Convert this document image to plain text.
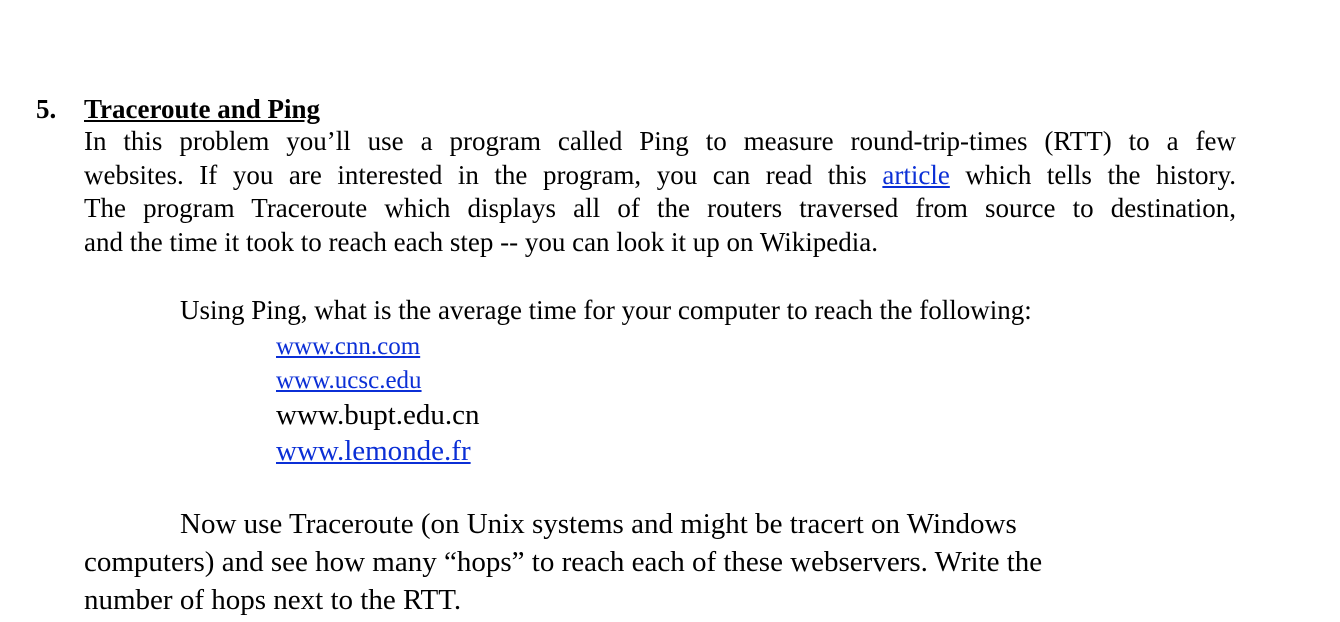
5. Traceroute and Ping
In this problem you’ll use a program called Ping to measure round-trip-times (RTT) to a few
websites. If you are interested in the program, you can read this article which tells the history.
The program Traceroute which displays all of the routers traversed from source to destination,
and the time it took to reach each step -- you can look it up on Wikipedia.
Using Ping, what is the average time for your computer to reach the following:
www.cnn.com
www.ucsc.edu
www.bupt.edu.cn
www.lemonde.fr
Now use Traceroute (on Unix systems and might be tracert on Windows
computers) and see how many “hops” to reach each of these webservers. Write the
number of hops next to the RTT.
